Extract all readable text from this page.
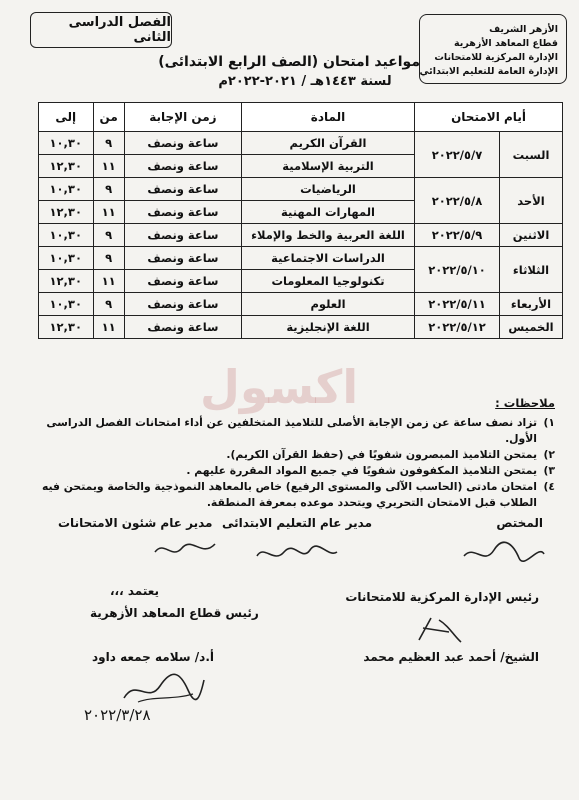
الأزهر الشريف
قطاع المعاهد الأزهرية
الإدارة المركزية للامتحانات
الإدارة العامة للتعليم الابتدائي
الفصل الدراسى الثانى
مواعيد امتحان (الصف الرابع الابتدائى)
لسنة ١٤٤٣هـ / ٢٠٢١-٢٠٢٢م
أيام الامتحان		المادة	زمن الإجابة	من	إلى
السبت	٢٠٢٢/٥/٧	القرآن الكريم	ساعة ونصف	٩	١٠,٣٠
		التربية الإسلامية	ساعة ونصف	١١	١٢,٣٠
الأحد	٢٠٢٢/٥/٨	الرياضيات	ساعة ونصف	٩	١٠,٣٠
		المهارات المهنية	ساعة ونصف	١١	١٢,٣٠
الاثنين	٢٠٢٢/٥/٩	اللغة العربية والخط والإملاء	ساعة ونصف	٩	١٠,٣٠
الثلاثاء	٢٠٢٢/٥/١٠	الدراسات الاجتماعية	ساعة ونصف	٩	١٠,٣٠
		تكنولوجيا المعلومات	ساعة ونصف	١١	١٢,٣٠
الأربعاء	٢٠٢٢/٥/١١	العلوم	ساعة ونصف	٩	١٠,٣٠
الخميس	٢٠٢٢/٥/١٢	اللغة الإنجليزية	ساعة ونصف	١١	١٢,٣٠
اكسول	ملاحظات :
١)
تزاد نصف ساعة عن زمن الإجابة الأصلى للتلاميذ المتخلفين عن أداء امتحانات الفصل الدراسى الأول.
٢)
يمتحن التلاميذ المبصرون شفويًا في (حفظ القرآن الكريم).
٣)
يمتحن التلاميذ المكفوفون شفويًا في جميع المواد المقررة عليهم .
٤)
امتحان مادتى (الحاسب الآلى والمستوى الرفيع) خاص بالمعاهد النموذجية والخاصة ويمتحن فيه الطلاب قبل الامتحان التحريري ويتحدد موعده بمعرفة المنطقة.
المختص
مدير عام التعليم الابتدائى
مدير عام شئون الامتحانات
رئيس الإدارة المركزية للامتحانات
يعتمد ،،،
رئيس قطاع المعاهد الأزهرية
الشيخ/ أحمد عبد العظيم محمد
أ.د/ سلامه جمعه داود
٢٠٢٢/٣/٢٨
